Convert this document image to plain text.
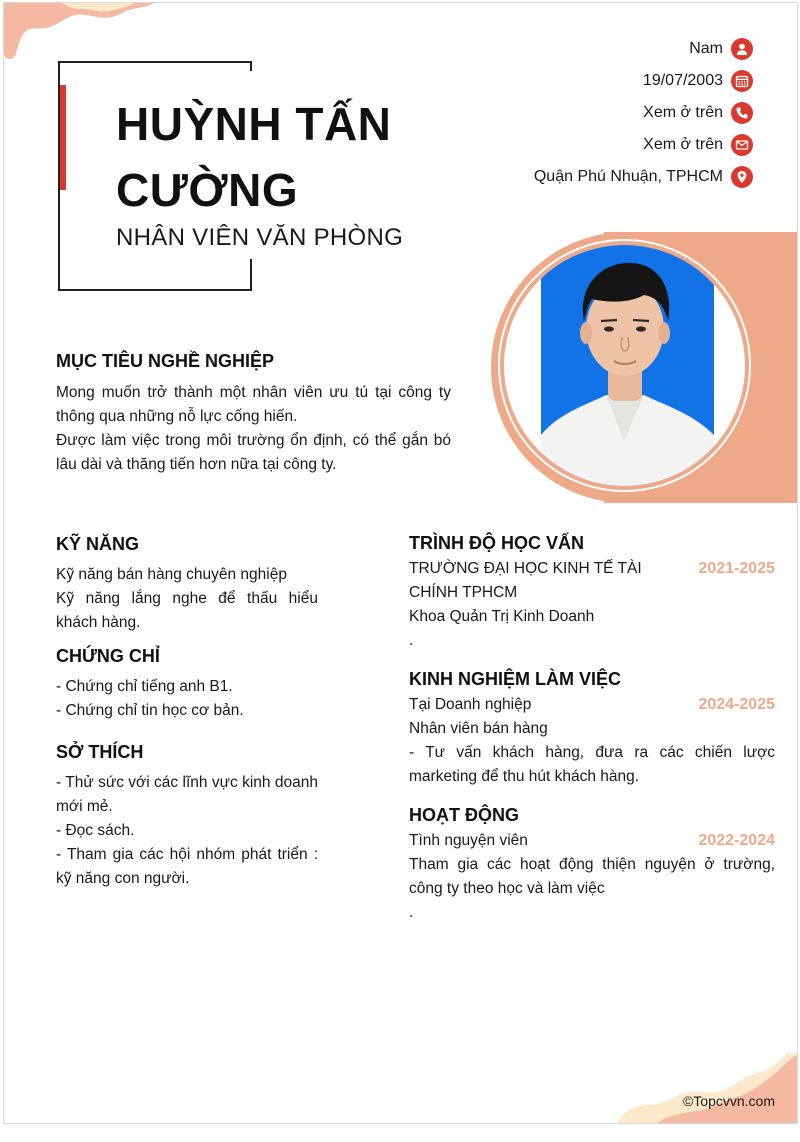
HUỲNH TẤN
CƯỜNG
NHÂN VIÊN VĂN PHÒNG
Nam
19/07/2003
Xem ở trên
Xem ở trên
Quận Phú Nhuận, TPHCM
MỤC TIÊU NGHỀ NGHIỆP
Mong muốn trở thành một nhân viên ưu tú tại công ty thông qua những nỗ lực cống hiến.
Được làm việc trong môi trường ổn định, có thể gắn bó lâu dài và thăng tiến hơn nữa tại công ty.
KỸ NĂNG
Kỹ năng bán hàng chuyên nghiệp
Kỹ năng lắng nghe để thấu hiểu khách hàng.
CHỨNG CHỈ
- Chứng chỉ tiếng anh B1.
- Chứng chỉ tin học cơ bản.
SỞ THÍCH
- Thử sức với các lĩnh vực kinh doanh mới mẻ.
- Đọc sách.
- Tham gia các hội nhóm phát triển : kỹ năng con người.
TRÌNH ĐỘ HỌC VẤN
TRƯỜNG ĐẠI HỌC KINH TẾ TÀI CHÍNH TPHCM
2021-2025
Khoa Quản Trị Kinh Doanh
.
KINH NGHIỆM LÀM VIỆC
Tại Doanh nghiệp	2024-2025
Nhân viên bán hàng
- Tư vấn khách hàng, đưa ra các chiến lược marketing để thu hút khách hàng.
HOẠT ĐỘNG
Tình nguyện viên	2022-2024
Tham gia các hoạt động thiện nguyện ở trường, công ty theo học và làm việc
.
©Topcvvn.com
